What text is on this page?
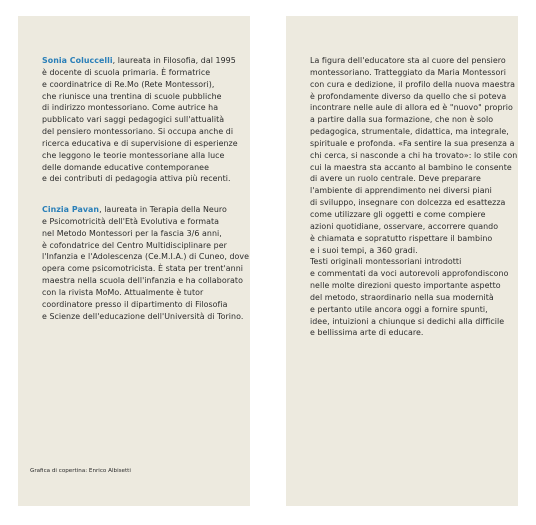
Sonia Coluccelli, laureata in Filosofia, dal 1995
è docente di scuola primaria. È formatrice
e coordinatrice di Re.Mo (Rete Montessori),
che riunisce una trentina di scuole pubbliche
di indirizzo montessoriano. Come autrice ha
pubblicato vari saggi pedagogici sull'attualità
del pensiero montessoriano. Si occupa anche di
ricerca educativa e di supervisione di esperienze
che leggono le teorie montessoriane alla luce
delle domande educative contemporanee
e dei contributi di pedagogia attiva più recenti.
Cinzia Pavan, laureata in Terapia della Neuro
e Psicomotricità dell'Età Evolutiva e formata
nel Metodo Montessori per la fascia 3/6 anni,
è cofondatrice del Centro Multidisciplinare per
l'Infanzia e l'Adolescenza (Ce.M.I.A.) di Cuneo, dove
opera come psicomotricista. È stata per trent'anni
maestra nella scuola dell'infanzia e ha collaborato
con la rivista MoMo. Attualmente è tutor
coordinatore presso il dipartimento di Filosofia
e Scienze dell'educazione dell'Università di Torino.
Grafica di copertina: Enrico Albisetti
La figura dell'educatore sta al cuore del pensiero
montessoriano. Tratteggiato da Maria Montessori
con cura e dedizione, il profilo della nuova maestra
è profondamente diverso da quello che si poteva
incontrare nelle aule di allora ed è "nuovo" proprio
a partire dalla sua formazione, che non è solo
pedagogica, strumentale, didattica, ma integrale,
spirituale e profonda. «Fa sentire la sua presenza a
chi cerca, si nasconde a chi ha trovato»: lo stile con
cui la maestra sta accanto al bambino le consente
di avere un ruolo centrale. Deve preparare
l'ambiente di apprendimento nei diversi piani
di sviluppo, insegnare con dolcezza ed esattezza
come utilizzare gli oggetti e come compiere
azioni quotidiane, osservare, accorrere quando
è chiamata e sopratutto rispettare il bambino
e i suoi tempi, a 360 gradi.
Testi originali montessoriani introdotti
e commentati da voci autorevoli approfondiscono
nelle molte direzioni questo importante aspetto
del metodo, straordinario nella sua modernità
e pertanto utile ancora oggi a fornire spunti,
idee, intuizioni a chiunque si dedichi alla difficile
e bellissima arte di educare.
